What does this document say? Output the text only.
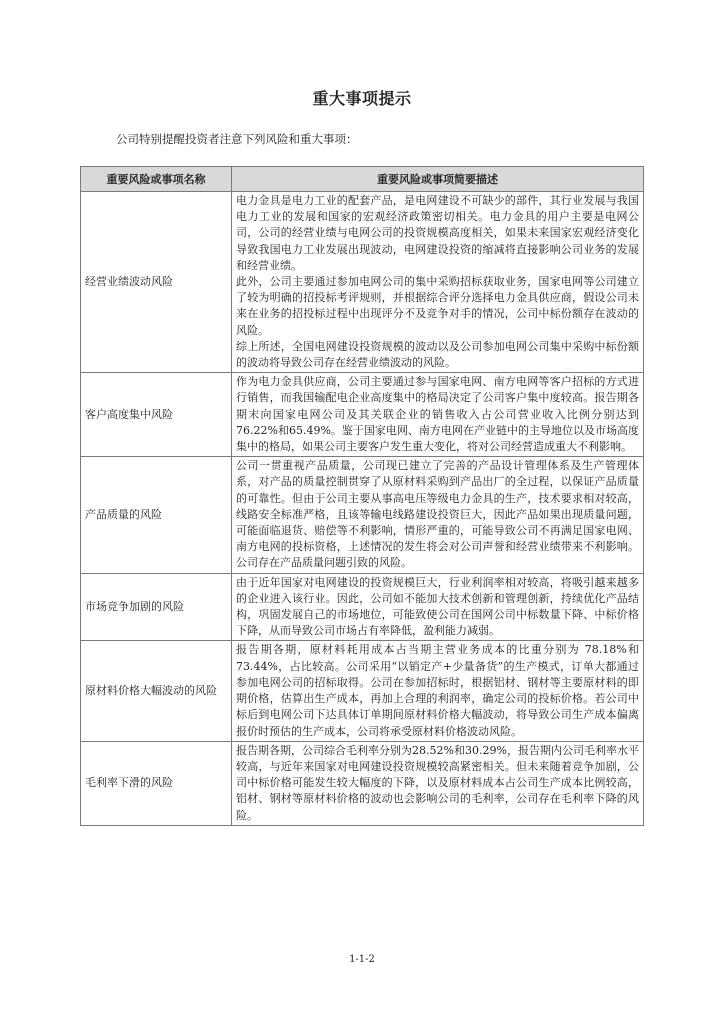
重大事项提示
公司特别提醒投资者注意下列风险和重大事项：
重要风险或事项名称	重要风险或事项简要描述
经营业绩波动风险	电力金具是电力工业的配套产品，是电网建设不可缺少的部件，其行业发展与我国电力工业的发展和国家的宏观经济政策密切相关。电力金具的用户主要是电网公司，公司的经营业绩与电网公司的投资规模高度相关，如果未来国家宏观经济变化导致我国电力工业发展出现波动，电网建设投资的缩减将直接影响公司业务的发展和经营业绩。
此外，公司主要通过参加电网公司的集中采购招标获取业务，国家电网等公司建立了较为明确的招投标考评规则，并根据综合评分选择电力金具供应商，假设公司未来在业务的招投标过程中出现评分不及竞争对手的情况，公司中标份额存在波动的风险。
综上所述，全国电网建设投资规模的波动以及公司参加电网公司集中采购中标份额的波动将导致公司存在经营业绩波动的风险。

客户高度集中风险	作为电力金具供应商，公司主要通过参与国家电网、南方电网等客户招标的方式进行销售，而我国输配电企业高度集中的格局决定了公司客户集中度较高。报告期各期末向国家电网公司及其关联企业的销售收入占公司营业收入比例分别达到76.22%和65.49%。鉴于国家电网、南方电网在产业链中的主导地位以及市场高度集中的格局，如果公司主要客户发生重大变化，将对公司经营造成重大不利影响。

产品质量的风险	公司一贯重视产品质量，公司现已建立了完善的产品设计管理体系及生产管理体系，对产品的质量控制贯穿了从原材料采购到产品出厂的全过程，以保证产品质量的可靠性。但由于公司主要从事高电压等级电力金具的生产，技术要求相对较高，线路安全标准严格，且该等输电线路建设投资巨大，因此产品如果出现质量问题，可能面临退货、赔偿等不利影响，情形严重的，可能导致公司不再满足国家电网、南方电网的投标资格，上述情况的发生将会对公司声誉和经营业绩带来不利影响。公司存在产品质量问题引致的风险。

市场竞争加剧的风险	由于近年国家对电网建设的投资规模巨大，行业利润率相对较高，将吸引越来越多的企业进入该行业。因此，公司如不能加大技术创新和管理创新，持续优化产品结构，巩固发展自己的市场地位，可能致使公司在国网公司中标数量下降、中标价格下降，从而导致公司市场占有率降低，盈利能力减弱。

原材料价格大幅波动的风险	报告期各期，原材料耗用成本占当期主营业务成本的比重分别为 78.18%和 73.44%，占比较高。公司采用“以销定产+少量备货”的生产模式，订单大都通过参加电网公司的招标取得。公司在参加招标时，根据铝材、钢材等主要原材料的即期价格，估算出生产成本，再加上合理的利润率，确定公司的投标价格。若公司中标后到电网公司下达具体订单期间原材料价格大幅波动，将导致公司生产成本偏离报价时预估的生产成本，公司将承受原材料价格波动风险。

毛利率下滑的风险	报告期各期，公司综合毛利率分别为28.52%和30.29%，报告期内公司毛利率水平较高，与近年来国家对电网建设投资规模较高紧密相关。但未来随着竞争加剧，公司中标价格可能发生较大幅度的下降，以及原材料成本占公司生产成本比例较高，铝材、钢材等原材料价格的波动也会影响公司的毛利率，公司存在毛利率下降的风险。
1-1-2
